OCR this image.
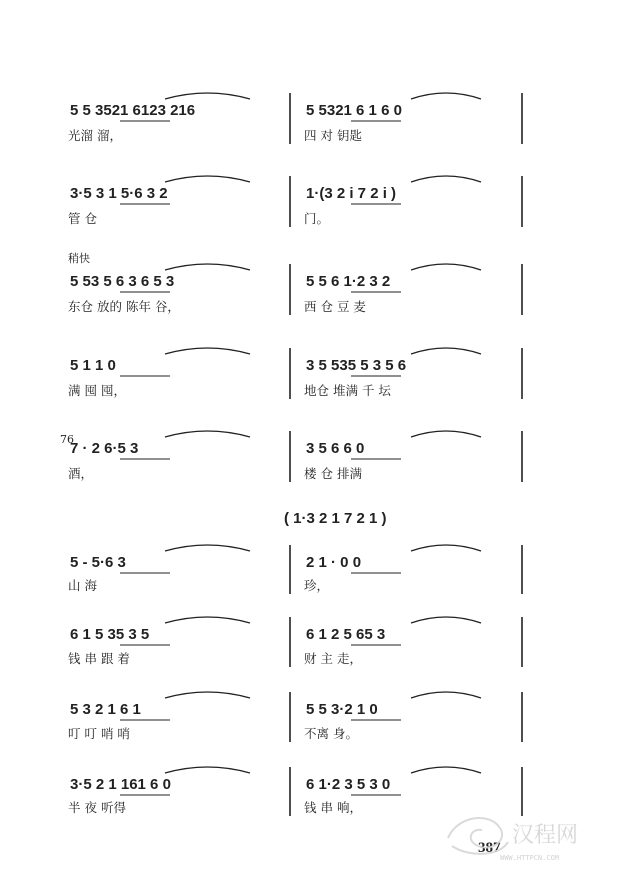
5 5 3521 6123 216
光溜 溜，
5 5321 6 1 6 0
四 对 钥匙
3·5 3 1 5·6 3 2
管 仓
1·(3 2 i 7 2 i )
门。
稍快
5 53 5 6 3 6 5 3
东仓 放的 陈年 谷，
5 5 6 1·2 3 2
西 仓 豆 麦
5 1 1 0
满 囤 囤，
3 5 535 5 3 5 6
地仓 堆满 千 坛
76
7 · 2 6·5 3
酒，
3 5 6 6 0
楼 仓 排满
( 1·3 2 1 7 2 1 )
5 - 5·6 3
山 海
2 1 · 0 0
珍，
6 1 5 35 3 5
钱 串 跟 着
6 1 2 5 65 3
财 主 走，
5 3 2 1 6 1
叮 叮 哨 哨
5 5 3·2 1 0
不离 身。
3·5 2 1 161 6 0
半 夜 听得
6 1·2 3 5 3 0
钱 串 响，
387 汉程网
WWW.HTTPCN.COM
